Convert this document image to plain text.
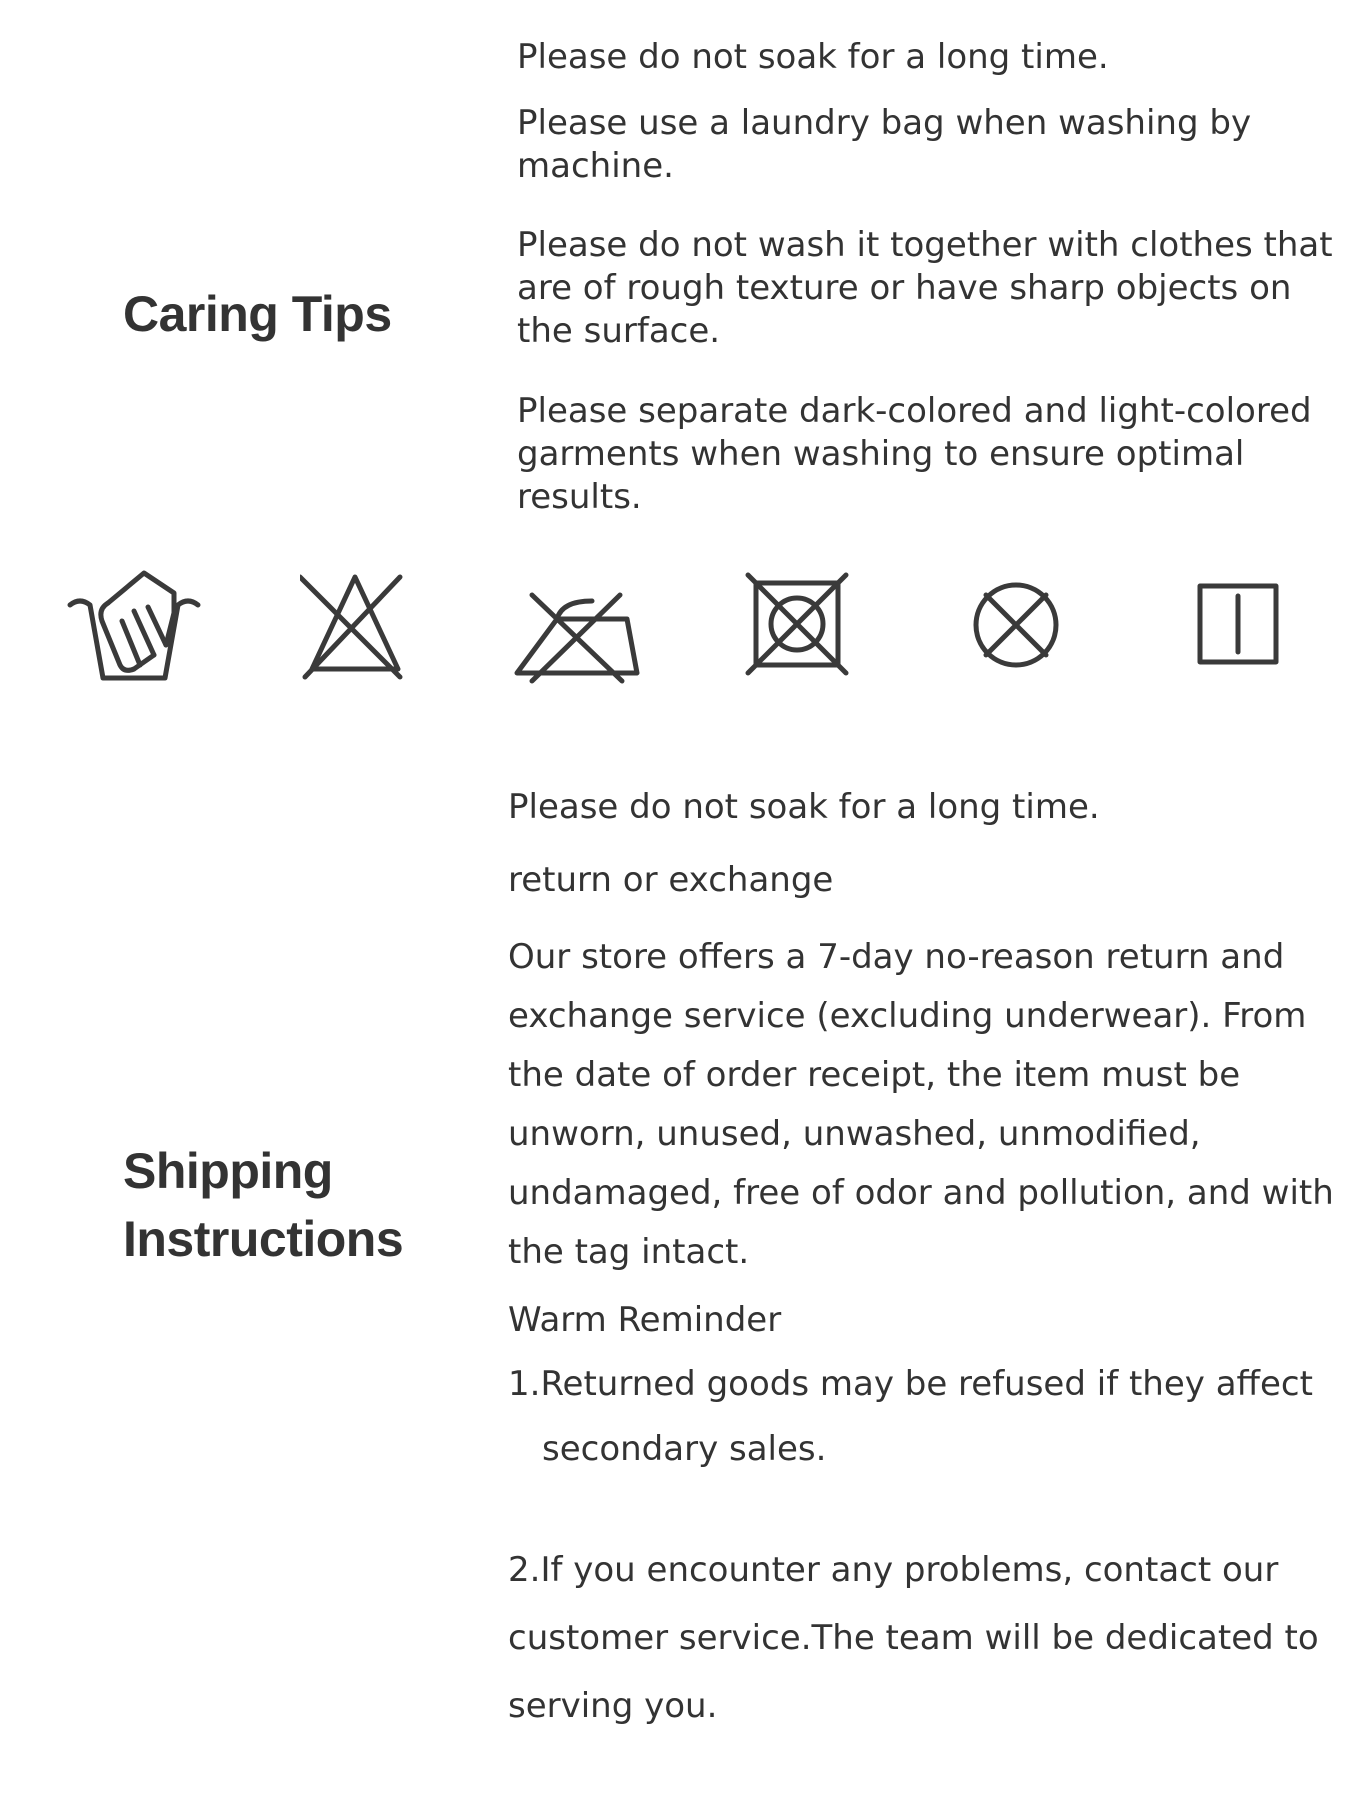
Caring Tips

Please do not soak for a long time.

Please use a laundry bag when washing by machine.

Please do not wash it together with clothes that are of rough texture or have sharp objects on the surface.

Please separate dark-colored and light-colored garments when washing to ensure optimal results.

Shipping
Instructions

Please do not soak for a long time.

return or exchange

Our store offers a 7-day no-reason return and exchange service (excluding underwear). From the date of order receipt, the item must be unworn, unused, unwashed, unmodified, undamaged, free of odor and pollution, and with the tag intact.

Warm Reminder

1.Returned goods may be refused if they affect

secondary sales.

2.If you encounter any problems, contact our customer service.The team will be dedicated to serving you.
